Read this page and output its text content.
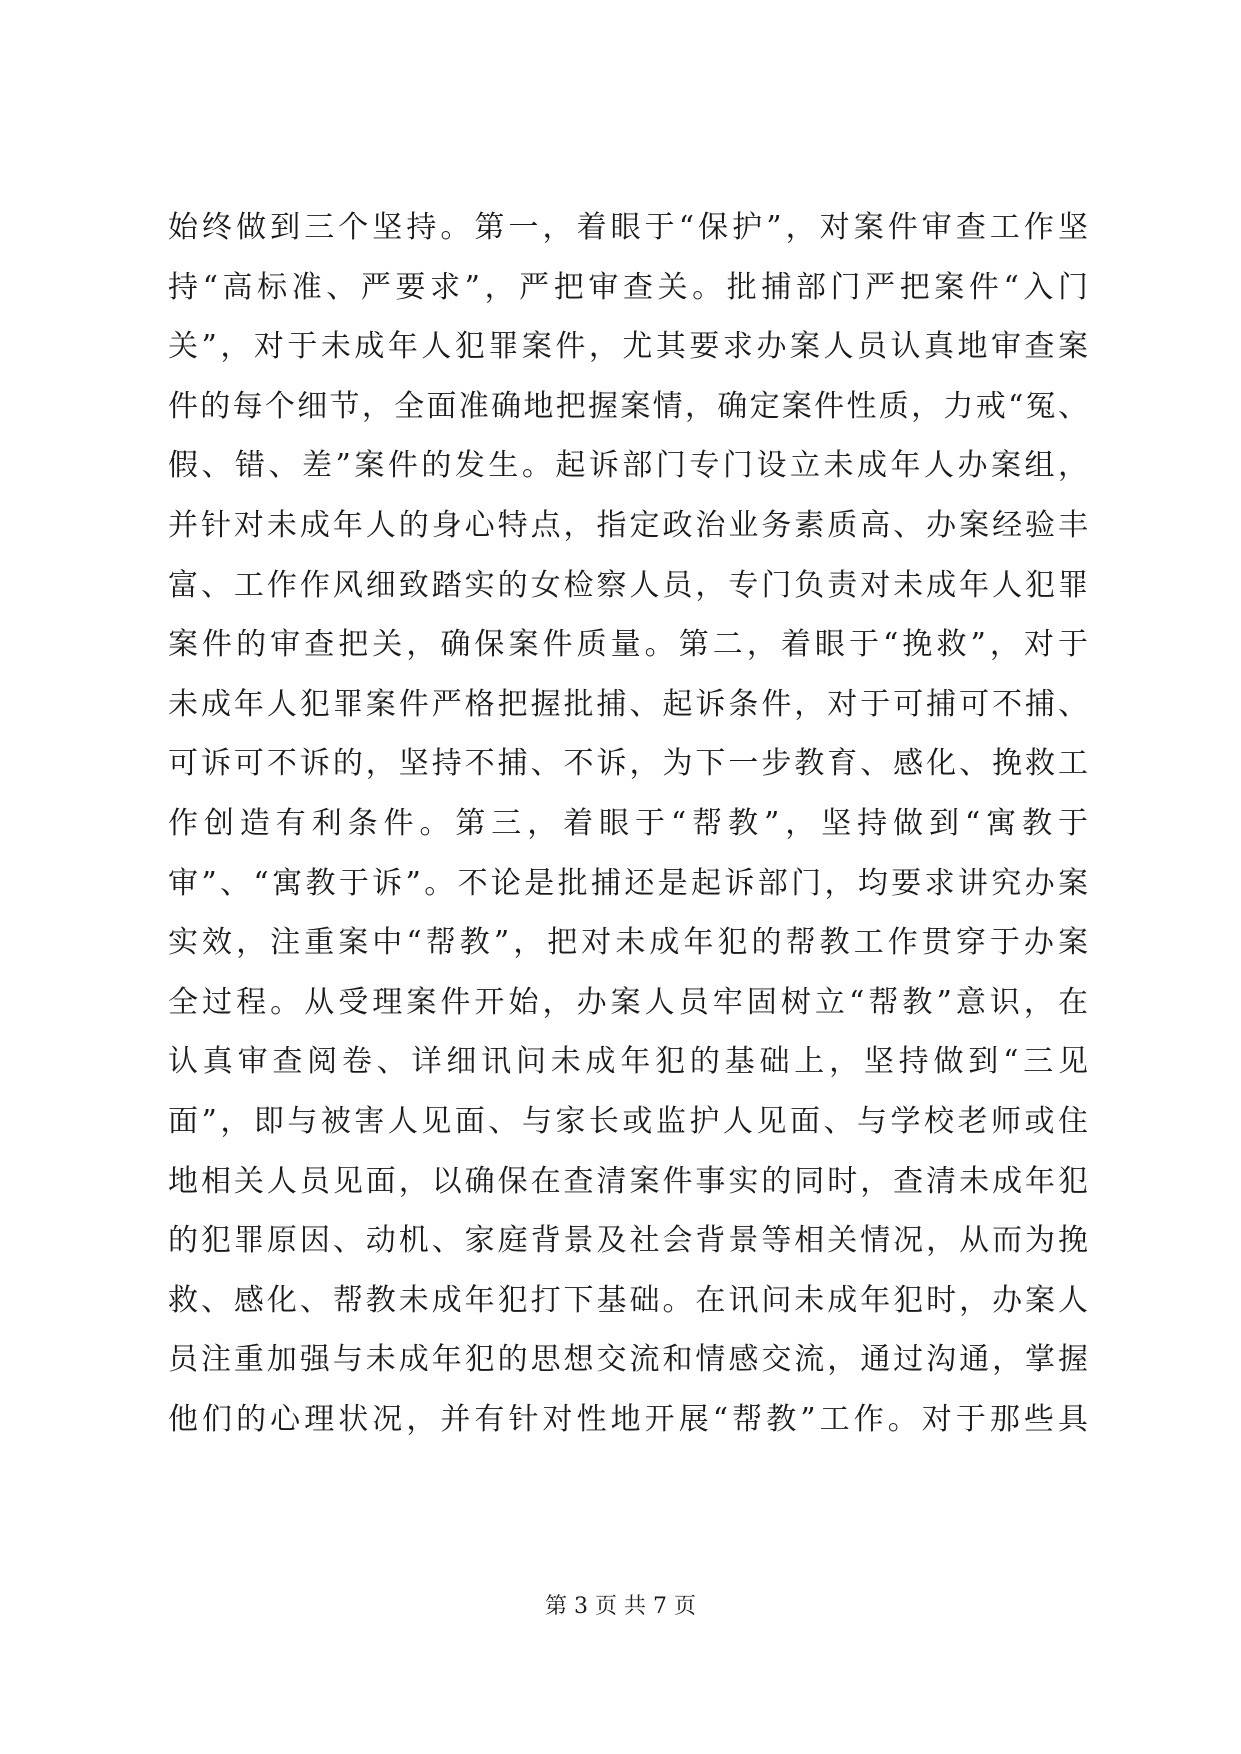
始终做到三个坚持。第一，着眼于“保护”，对案件审查工作坚
持“高标准、严要求”，严把审查关。批捕部门严把案件“入门
关”，对于未成年人犯罪案件，尤其要求办案人员认真地审查案
件的每个细节，全面准确地把握案情，确定案件性质，力戒“冤、
假、错、差”案件的发生。起诉部门专门设立未成年人办案组，
并针对未成年人的身心特点，指定政治业务素质高、办案经验丰
富、工作作风细致踏实的女检察人员，专门负责对未成年人犯罪
案件的审查把关，确保案件质量。第二，着眼于“挽救”，对于
未成年人犯罪案件严格把握批捕、起诉条件，对于可捕可不捕、
可诉可不诉的，坚持不捕、不诉，为下一步教育、感化、挽救工
作创造有利条件。第三，着眼于“帮教”，坚持做到“寓教于
审”、“寓教于诉”。不论是批捕还是起诉部门，均要求讲究办案
实效，注重案中“帮教”，把对未成年犯的帮教工作贯穿于办案
全过程。从受理案件开始，办案人员牢固树立“帮教”意识，在
认真审查阅卷、详细讯问未成年犯的基础上，坚持做到“三见
面”，即与被害人见面、与家长或监护人见面、与学校老师或住
地相关人员见面，以确保在查清案件事实的同时，查清未成年犯
的犯罪原因、动机、家庭背景及社会背景等相关情况，从而为挽
救、感化、帮教未成年犯打下基础。在讯问未成年犯时，办案人
员注重加强与未成年犯的思想交流和情感交流，通过沟通，掌握
他们的心理状况，并有针对性地开展“帮教”工作。对于那些具
第 3 页 共 7 页
